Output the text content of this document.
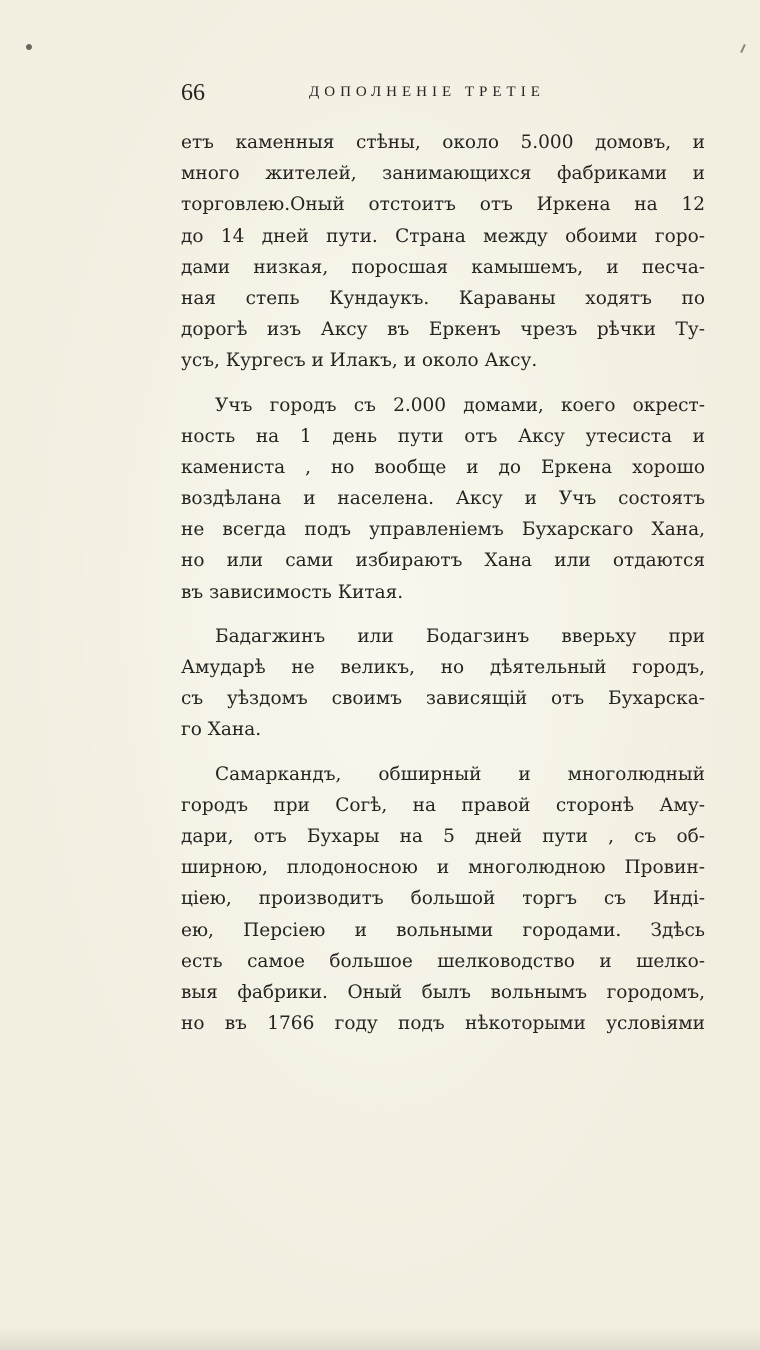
66	ДОПОЛНЕНІЕ ТРЕТІЕ
етъ каменныя стѣны, около 5.000 домовъ, и
много жителей, занимающихся фабриками и
торговлею.Оный отстоитъ отъ Иркена на 12
до 14 дней пути. Страна между обоими горо-
дами низкая, поросшая камышемъ, и песча-
ная степь Кундаукъ. Караваны ходятъ по
дорогѣ изъ Аксу въ Еркенъ чрезъ рѣчки Ту-
усъ, Кургесъ и Илакъ, и около Аксу.
Учъ городъ съ 2.000 домами, коего окрест-
ность на 1 день пути отъ Аксу утесиста и
камениста , но вообще и до Еркена хорошо
воздѣлана и населена. Аксу и Учъ состоятъ
не всегда подъ управленіемъ Бухарскаго Хана,
но или сами избираютъ Хана или отдаются
въ зависимость Китая.
Бадагжинъ или Бодагзинъ вверьху при
Амударѣ не великъ, но дѣятельный городъ,
съ уѣздомъ своимъ зависящій отъ Бухарска-
го Хана.
Самаркандъ, обширный и многолюдный
городъ при Согѣ, на правой сторонѣ Аму-
дари, отъ Бухары на 5 дней пути , съ об-
ширною, плодоносною и многолюдною Провин-
ціею, производитъ большой торгъ съ Инді-
ею, Персіею и вольными городами. Здѣсь
есть самое большое шелководство и шелко-
выя фабрики. Оный былъ вольнымъ городомъ,
но въ 1766 году подъ нѣкоторыми условіями
